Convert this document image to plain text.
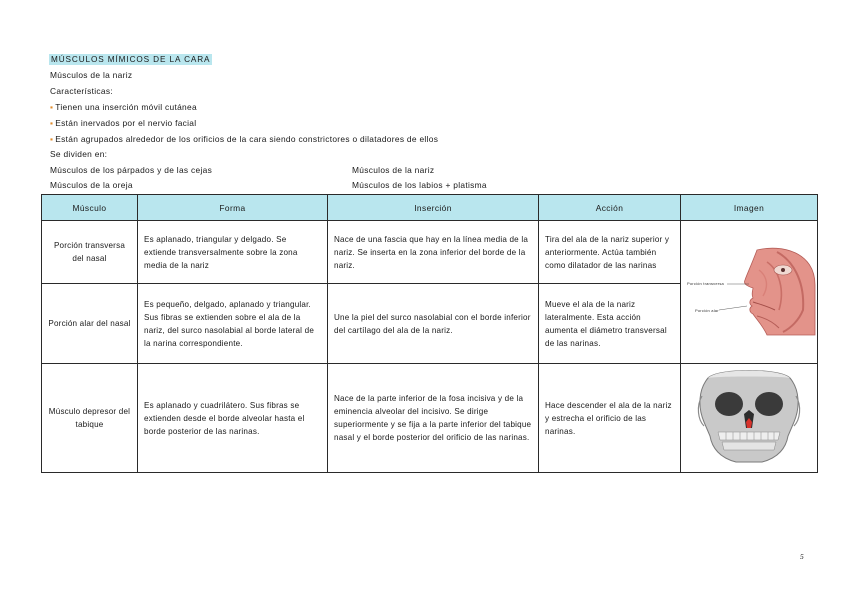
MÚSCULOS MÍMICOS DE LA CARA
Músculos de la nariz
Características:
▪ Tienen una inserción móvil cutánea
▪ Están inervados por el nervio facial
▪ Están agrupados alrededor de los orificios de la cara siendo constrictores o dilatadores de ellos
Se dividen en:
Músculos de los párpados y de las cejas	Músculos de la nariz
Músculos de la oreja	Músculos de los labios + platisma
Músculo	Forma	Inserción	Acción	Imagen
Porción transversa del nasal	Es aplanado, triangular y delgado. Se extiende transversalmente sobre la zona media de la nariz	Nace de una fascia que hay en la línea media de la nariz. Se inserta en la zona inferior del borde de la nariz.	Tira del ala de la nariz superior y anteriormente. Actúa también como dilatador de las narinas	Porción transversa
Porción alar

Porción alar del nasal	Es pequeño, delgado, aplanado y triangular. Sus fibras se extienden sobre el ala de la nariz, del surco nasolabial al borde lateral de la narina correspondiente.	Une la piel del surco nasolabial con el borde inferior del cartílago del ala de la nariz.	Mueve el ala de la nariz lateralmente. Esta acción aumenta el diámetro transversal de las narinas.	
Músculo depresor del tabique	Es aplanado y cuadrilátero. Sus fibras se extienden desde el borde alveolar hasta el borde posterior de las narinas.	Nace de la parte inferior de la fosa incisiva y de la eminencia alveolar del incisivo. Se dirige superiormente y se fija a la parte inferior del tabique nasal y el borde posterior del orificio de las narinas.	Hace descender el ala de la nariz y estrecha el orificio de las narinas.	
5
